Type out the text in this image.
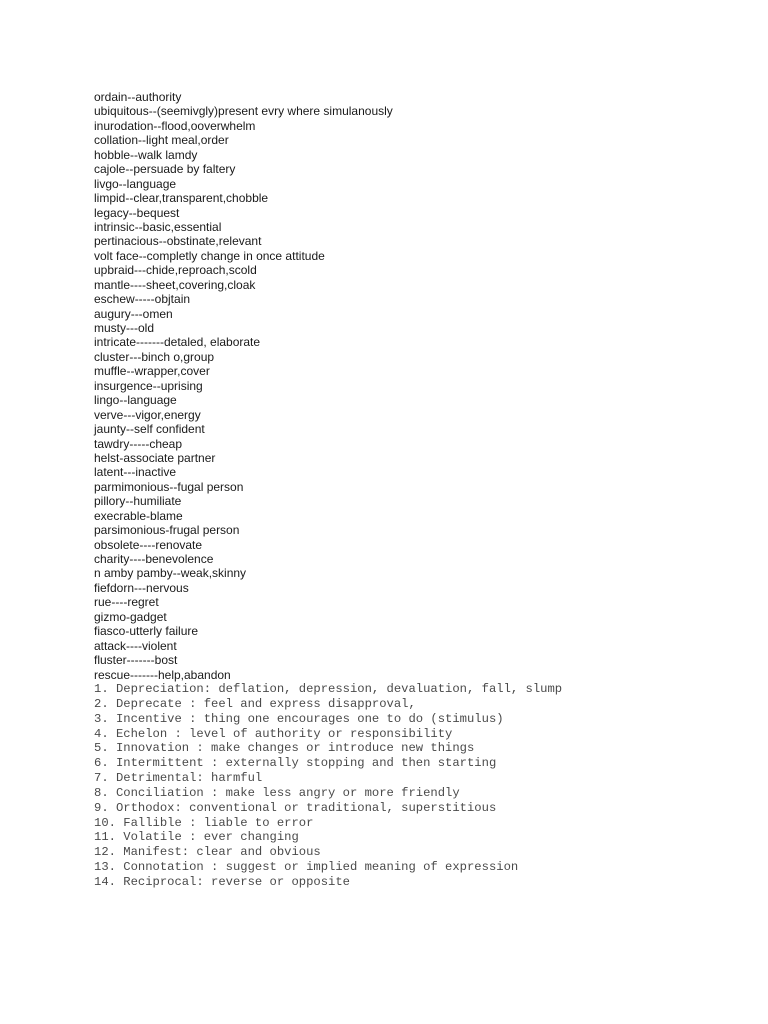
ordain--authority
ubiquitous--(seemivgly)present evry where simulanously
inurodation--flood,ooverwhelm
collation--light meal,order
hobble--walk lamdy
cajole--persuade by faltery
livgo--language
limpid--clear,transparent,chobble
legacy--bequest
intrinsic--basic,essential
pertinacious--obstinate,relevant
volt face--completly change in once attitude
upbraid---chide,reproach,scold
mantle----sheet,covering,cloak
eschew-----objtain
augury---omen
musty---old
intricate-------detaled, elaborate
cluster---binch o,group
muffle--wrapper,cover
insurgence--uprising
lingo--language
verve---vigor,energy
jaunty--self confident
tawdry-----cheap
helst-associate partner
latent---inactive
parmimonious--fugal person
pillory--humiliate
execrable-blame
parsimonious-frugal person
obsolete----renovate
charity----benevolence
n amby pamby--weak,skinny
fiefdorn---nervous
rue----regret
gizmo-gadget
fiasco-utterly failure
attack----violent
fluster-------bost
rescue-------help,abandon
1. Depreciation: deflation, depression, devaluation, fall, slump
2. Deprecate : feel and express disapproval,
3. Incentive : thing one encourages one to do (stimulus)
4. Echelon : level of authority or responsibility
5. Innovation : make changes or introduce new things
6. Intermittent : externally stopping and then starting
7. Detrimental: harmful
8. Conciliation : make less angry or more friendly
9. Orthodox: conventional or traditional, superstitious
10. Fallible : liable to error
11. Volatile : ever changing
12. Manifest: clear and obvious
13. Connotation : suggest or implied meaning of expression
14. Reciprocal: reverse or opposite
